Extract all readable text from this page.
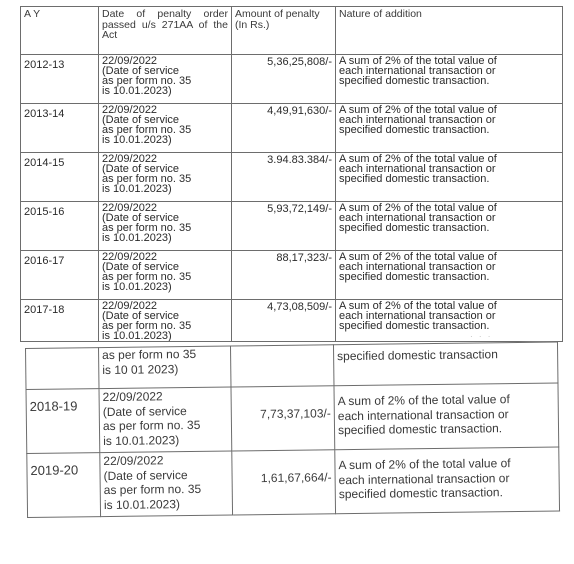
A Y	Date of penalty order passed u/s 271AA of the Act	Amount of penalty (In Rs.)	Nature of addition
2012-13	22/09/2022
(Date of service
as per form no. 35
is 10.01.2023)	5,36,25,808/-	A sum of 2% of the total value of
each international transaction or
specified domestic transaction.

2013-14	22/09/2022
(Date of service
as per form no. 35
is 10.01.2023)	4,49,91,630/-	A sum of 2% of the total value of
each international transaction or
specified domestic transaction.

2014-15	22/09/2022
(Date of service
as per form no. 35
is 10.01.2023)	3.94.83.384/-	A sum of 2% of the total value of
each international transaction or
specified domestic transaction.

2015-16	22/09/2022
(Date of service
as per form no. 35
is 10.01.2023)	5,93,72,149/-	A sum of 2% of the total value of
each international transaction or
specified domestic transaction.

2016-17	22/09/2022
(Date of service
as per form no. 35
is 10.01.2023)	88,17,323/-	A sum of 2% of the total value of
each international transaction or
specified domestic transaction.

2017-18	22/09/2022
(Date of service
as per form no. 35
is 10.01.2023)	4,73,08,509/-	A sum of 2% of the total value of
each international transaction or
specified domestic transaction.
· · ·

	as per form no 35
is 10 01 2023)		specified domestic transaction

2018-19	22/09/2022
(Date of service
as per form no. 35
is 10.01.2023)	7,73,37,103/-	A sum of 2% of the total value of
each international transaction or
specified domestic transaction.

2019-20	22/09/2022
(Date of service
as per form no. 35
is 10.01.2023)	1,61,67,664/-	A sum of 2% of the total value of
each international transaction or
specified domestic transaction.
